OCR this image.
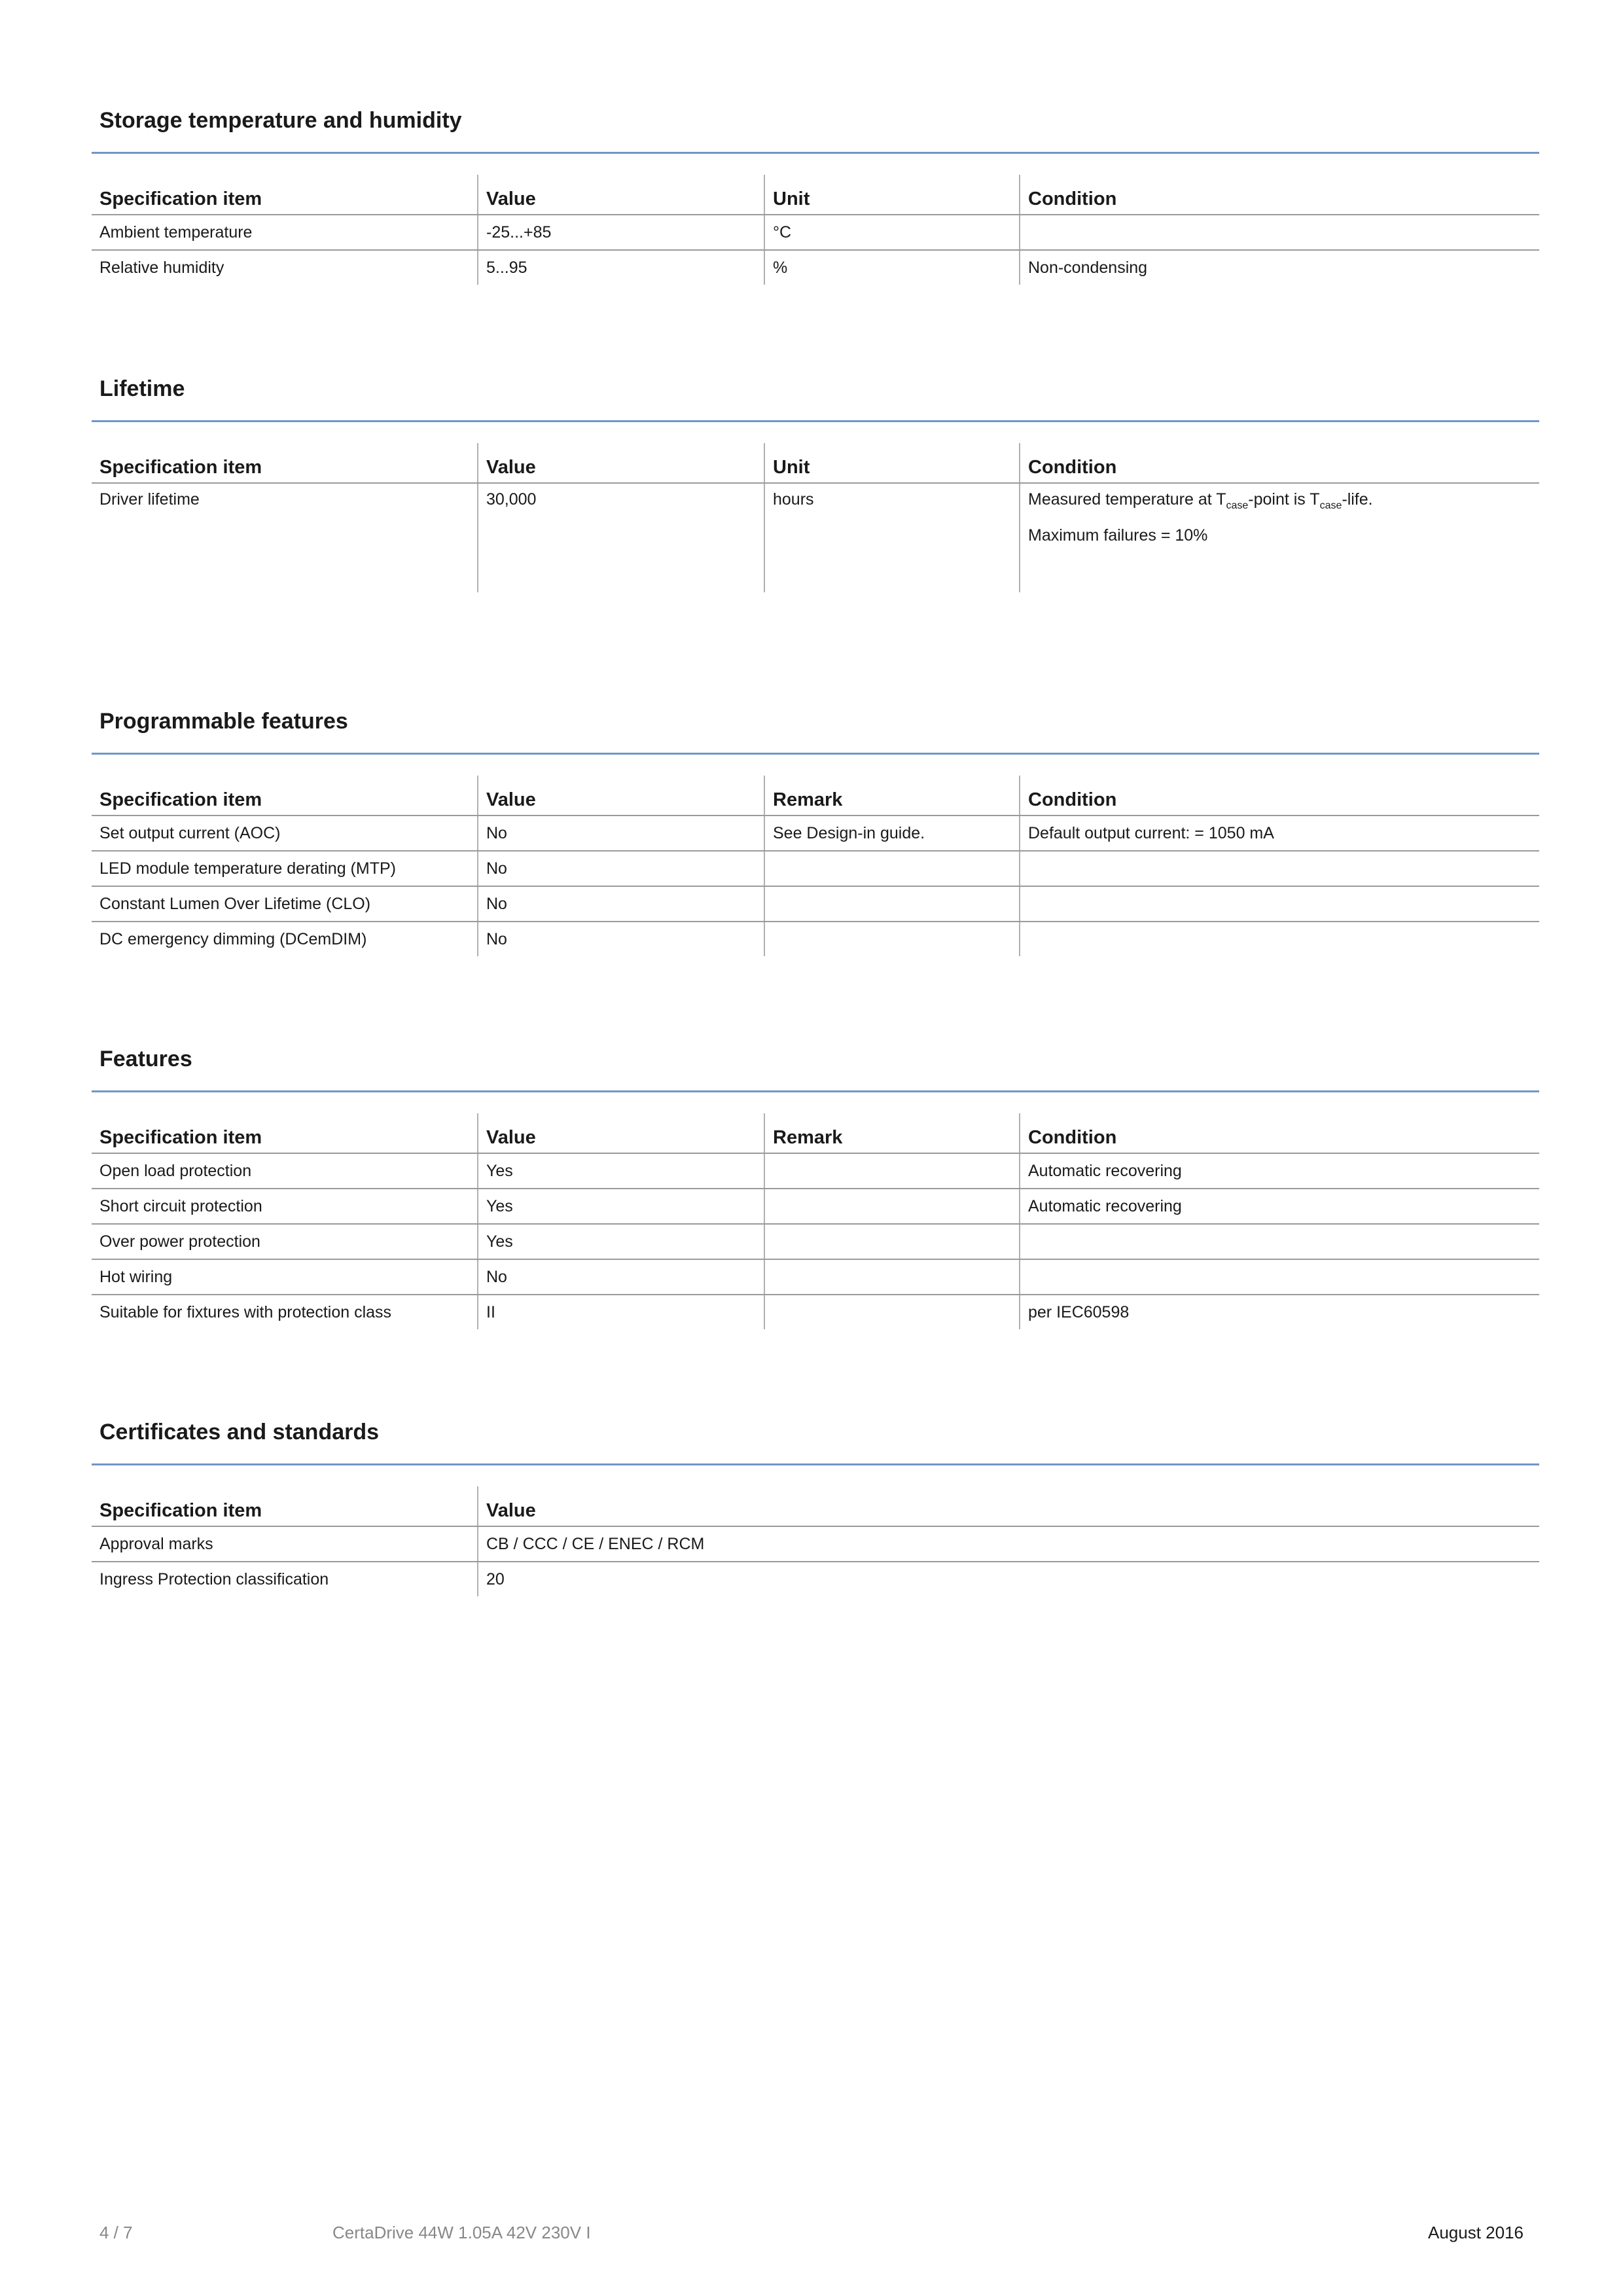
Storage temperature and humidity
Specification item	Value	Unit	Condition
Ambient temperature	-25...+85	°C	
Relative humidity	5...95	%	Non-condensing
Lifetime
Specification item	Value	Unit	Condition
Driver lifetime	30,000	hours	Measured temperature at $T_{case}$-point is $T_{case}$-life.
Maximum failures = 10%
Programmable features
Specification item	Value	Remark	Condition
Set output current (AOC)	No	See Design-in guide.	Default output current: = 1050 mA
LED module temperature derating (MTP)	No		
Constant Lumen Over Lifetime (CLO)	No		
DC emergency dimming (DCemDIM)	No		
Features
Specification item	Value	Remark	Condition
Open load protection	Yes		Automatic recovering
Short circuit protection	Yes		Automatic recovering
Over power protection	Yes		
Hot wiring	No		
Suitable for fixtures with protection class	II		per IEC60598
Certificates and standards
Specification item	Value
Approval marks	CB / CCC / CE / ENEC / RCM
Ingress Protection classification	20
4 / 7	CertaDrive 44W 1.05A 42V 230V I	August 2016
